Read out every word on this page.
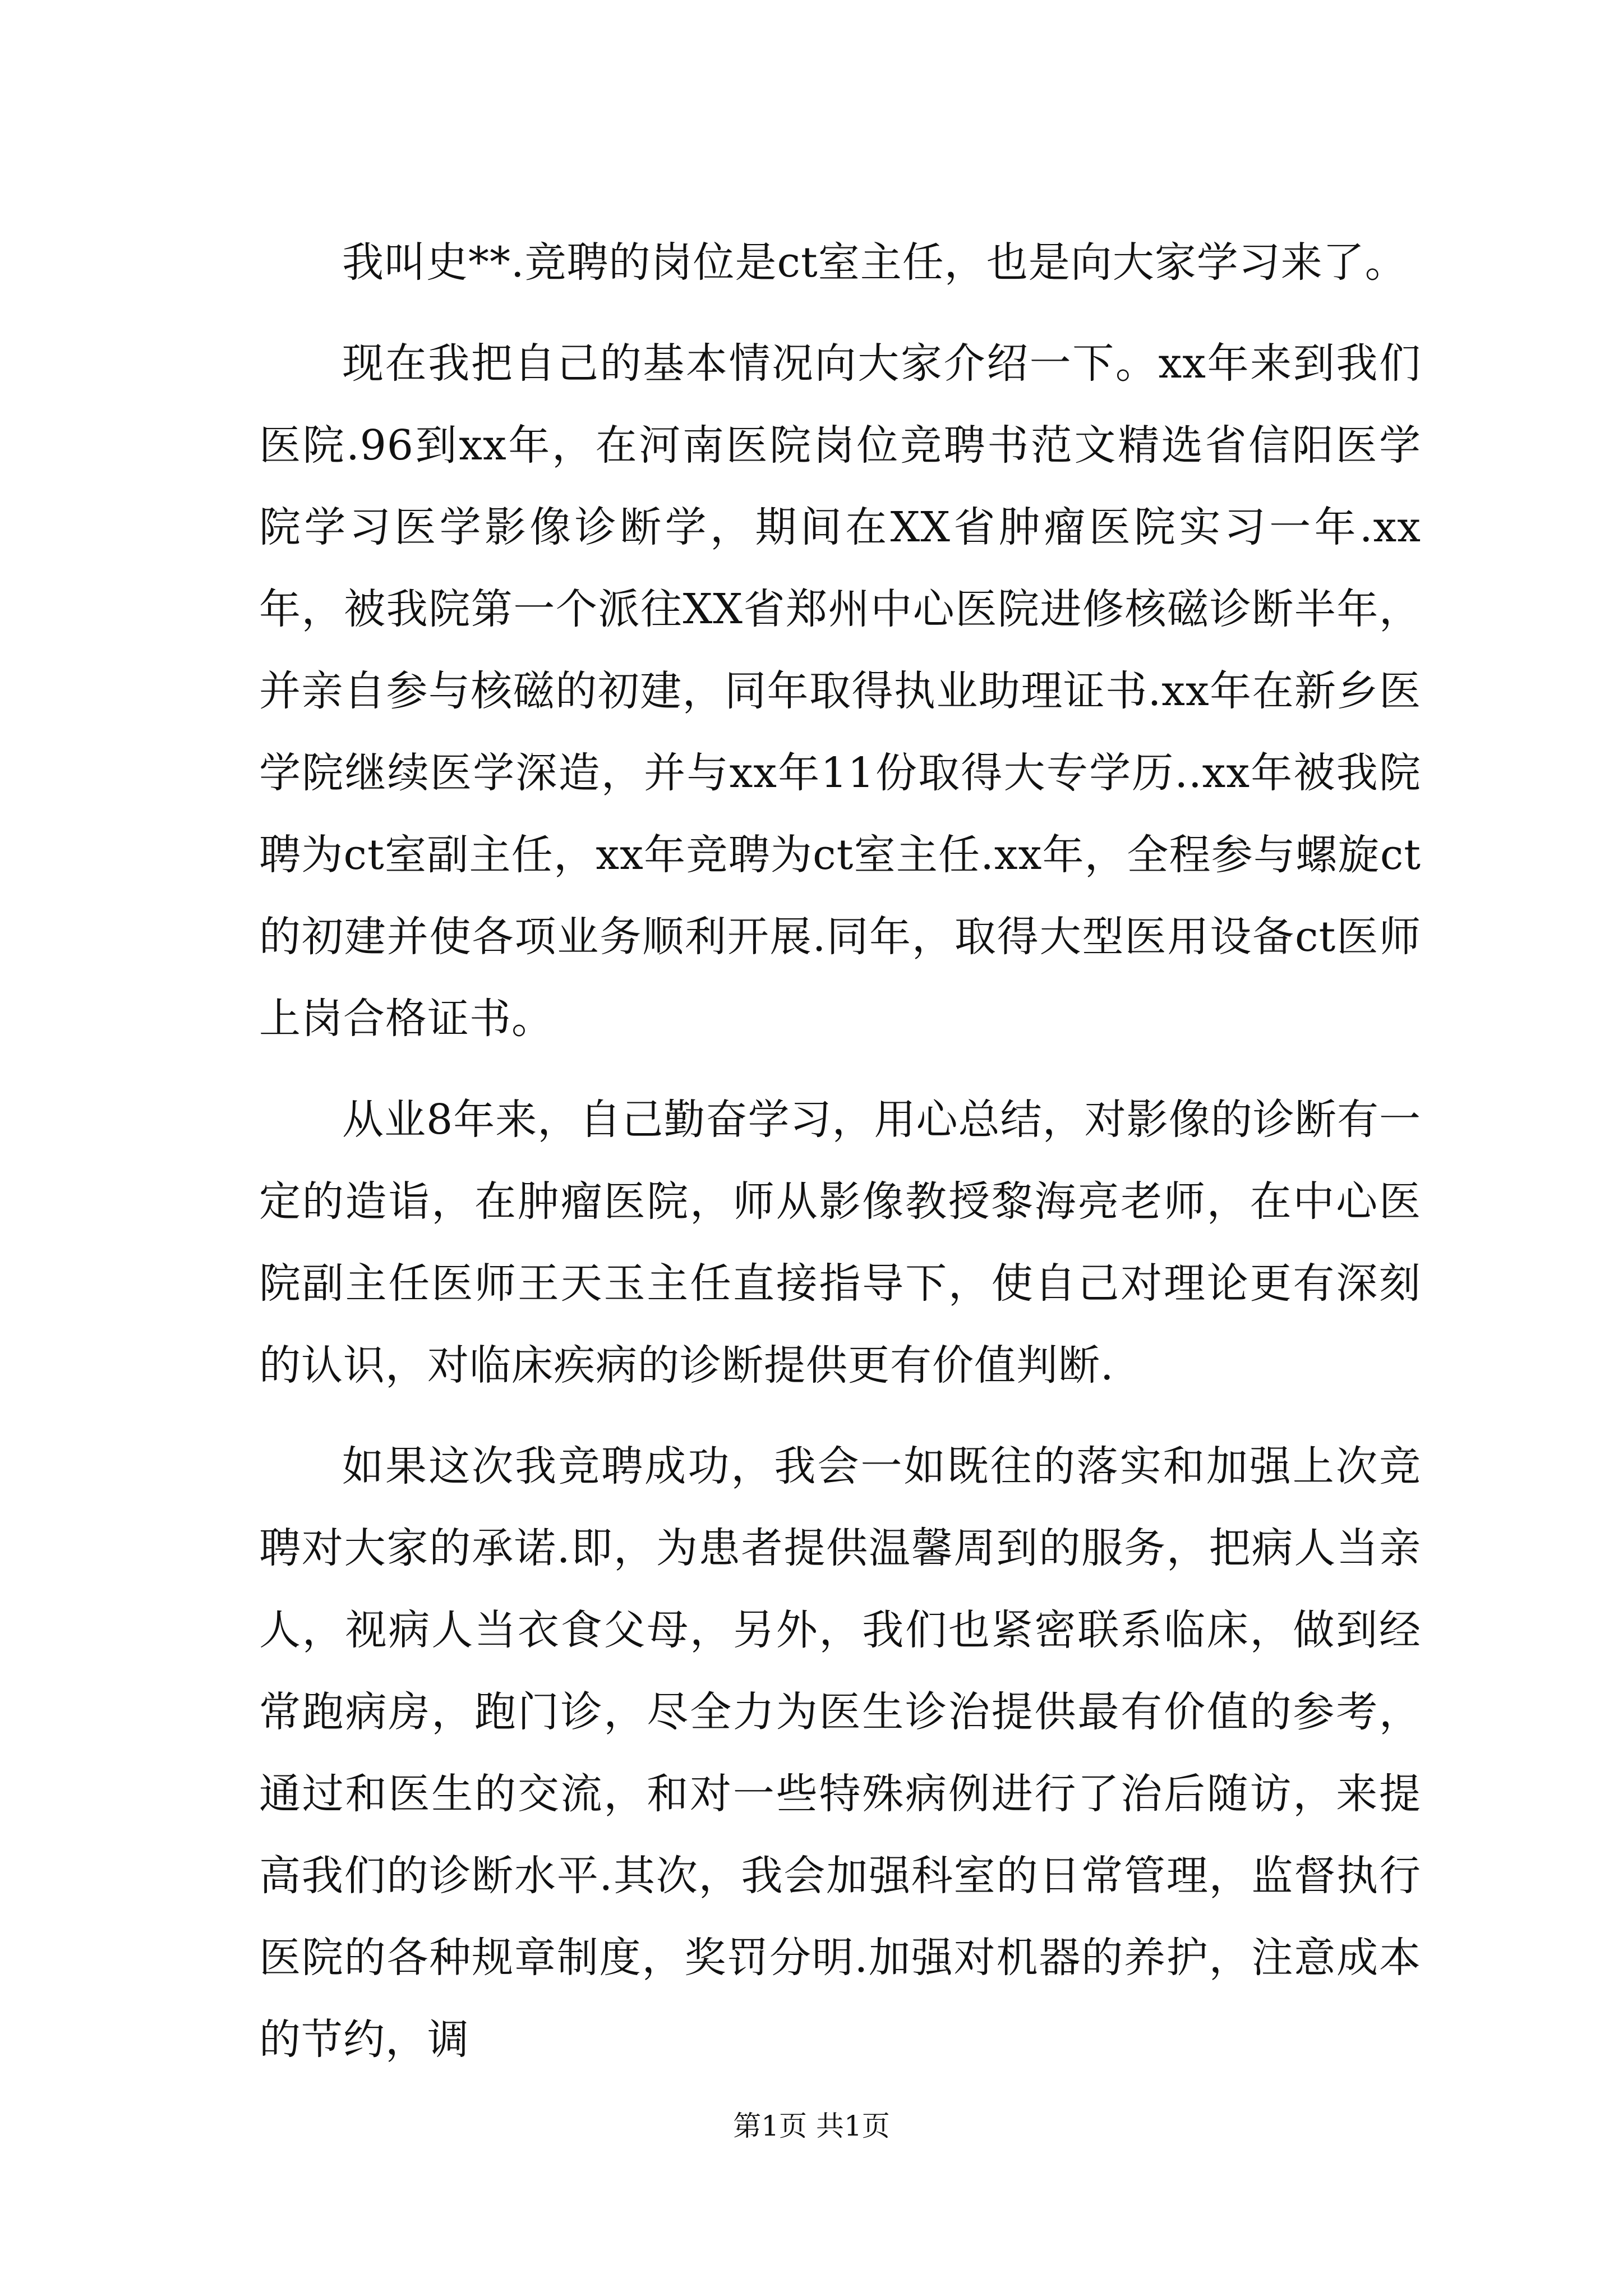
我叫史**.竞聘的岗位是ct室主任，也是向大家学习来了。

现在我把自己的基本情况向大家介绍一下。xx年来到我们医院.96到xx年，在河南医院岗位竞聘书范文精选省信阳医学院学习医学影像诊断学，期间在XX省肿瘤医院实习一年.xx年，被我院第一个派往XX省郑州中心医院进修核磁诊断半年，并亲自参与核磁的初建，同年取得执业助理证书.xx年在新乡医学院继续医学深造，并与xx年11份取得大专学历..xx年被我院聘为ct室副主任，xx年竞聘为ct室主任.xx年，全程参与螺旋ct的初建并使各项业务顺利开展.同年，取得大型医用设备ct医师上岗合格证书。

从业8年来，自己勤奋学习，用心总结，对影像的诊断有一定的造诣，在肿瘤医院，师从影像教授黎海亮老师，在中心医院副主任医师王天玉主任直接指导下，使自己对理论更有深刻的认识，对临床疾病的诊断提供更有价值判断.

如果这次我竞聘成功，我会一如既往的落实和加强上次竞聘对大家的承诺.即，为患者提供温馨周到的服务，把病人当亲人，视病人当衣食父母，另外，我们也紧密联系临床，做到经常跑病房，跑门诊，尽全力为医生诊治提供最有价值的参考，通过和医生的交流，和对一些特殊病例进行了治后随访，来提高我们的诊断水平.其次，我会加强科室的日常管理，监督执行医院的各种规章制度，奖罚分明.加强对机器的养护，注意成本的节约，调

第1页 共1页
